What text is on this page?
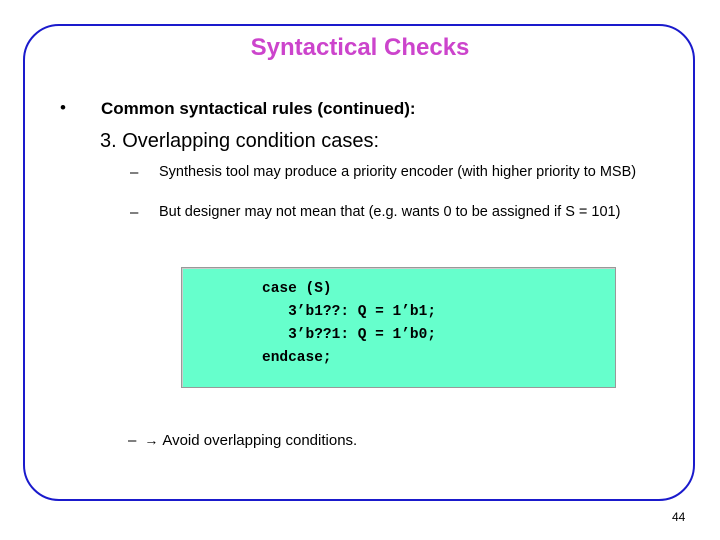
Syntactical Checks
• Common syntactical rules (continued):
3. Overlapping condition cases:
– Synthesis tool may produce a priority encoder (with higher priority to MSB)
– But designer may not mean that (e.g. wants 0 to be assigned if S = 101)
case (S)
3’b1??: Q = 1’b1;
3’b??1: Q = 1’b0;
endcase;
– → Avoid overlapping conditions.
44
